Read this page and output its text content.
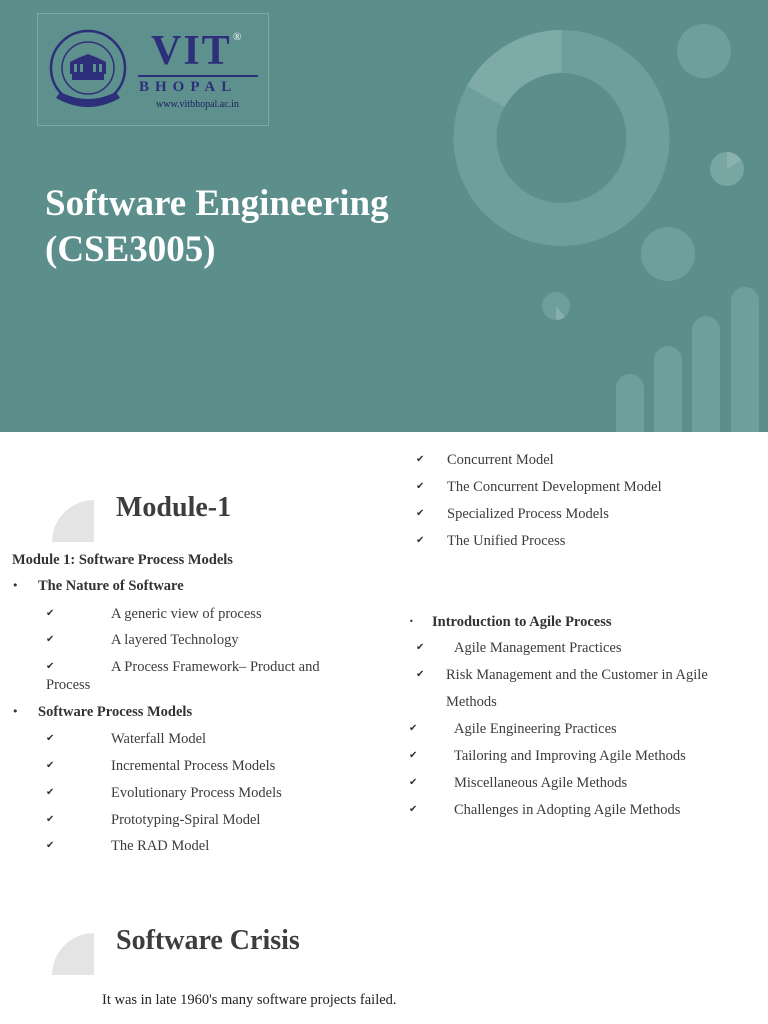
VIT ®
BHOPAL
www.vitbhopal.ac.in
Software Engineering
(CSE3005)
Module-1
Module 1: Software Process Models
• The Nature of Software
✔	A generic view of process
✔	A layered Technology
✔	A Process Framework– Product and
Process
• Software Process Models
✔	Waterfall Model
✔	Incremental Process Models
✔	Evolutionary Process Models
✔	Prototyping-Spiral Model
✔	The RAD Model
✔ Concurrent Model
✔ The Concurrent Development Model
✔ Specialized Process Models
✔ The Unified Process
• Introduction to Agile Process
✔ Agile Management Practices
✔ Risk Management and the Customer in Agile
Methods
✔	Agile Engineering Practices
✔	Tailoring and Improving Agile Methods
✔	Miscellaneous Agile Methods
✔	Challenges in Adopting Agile Methods
Software Crisis
It was in late 1960's many software projects failed.
